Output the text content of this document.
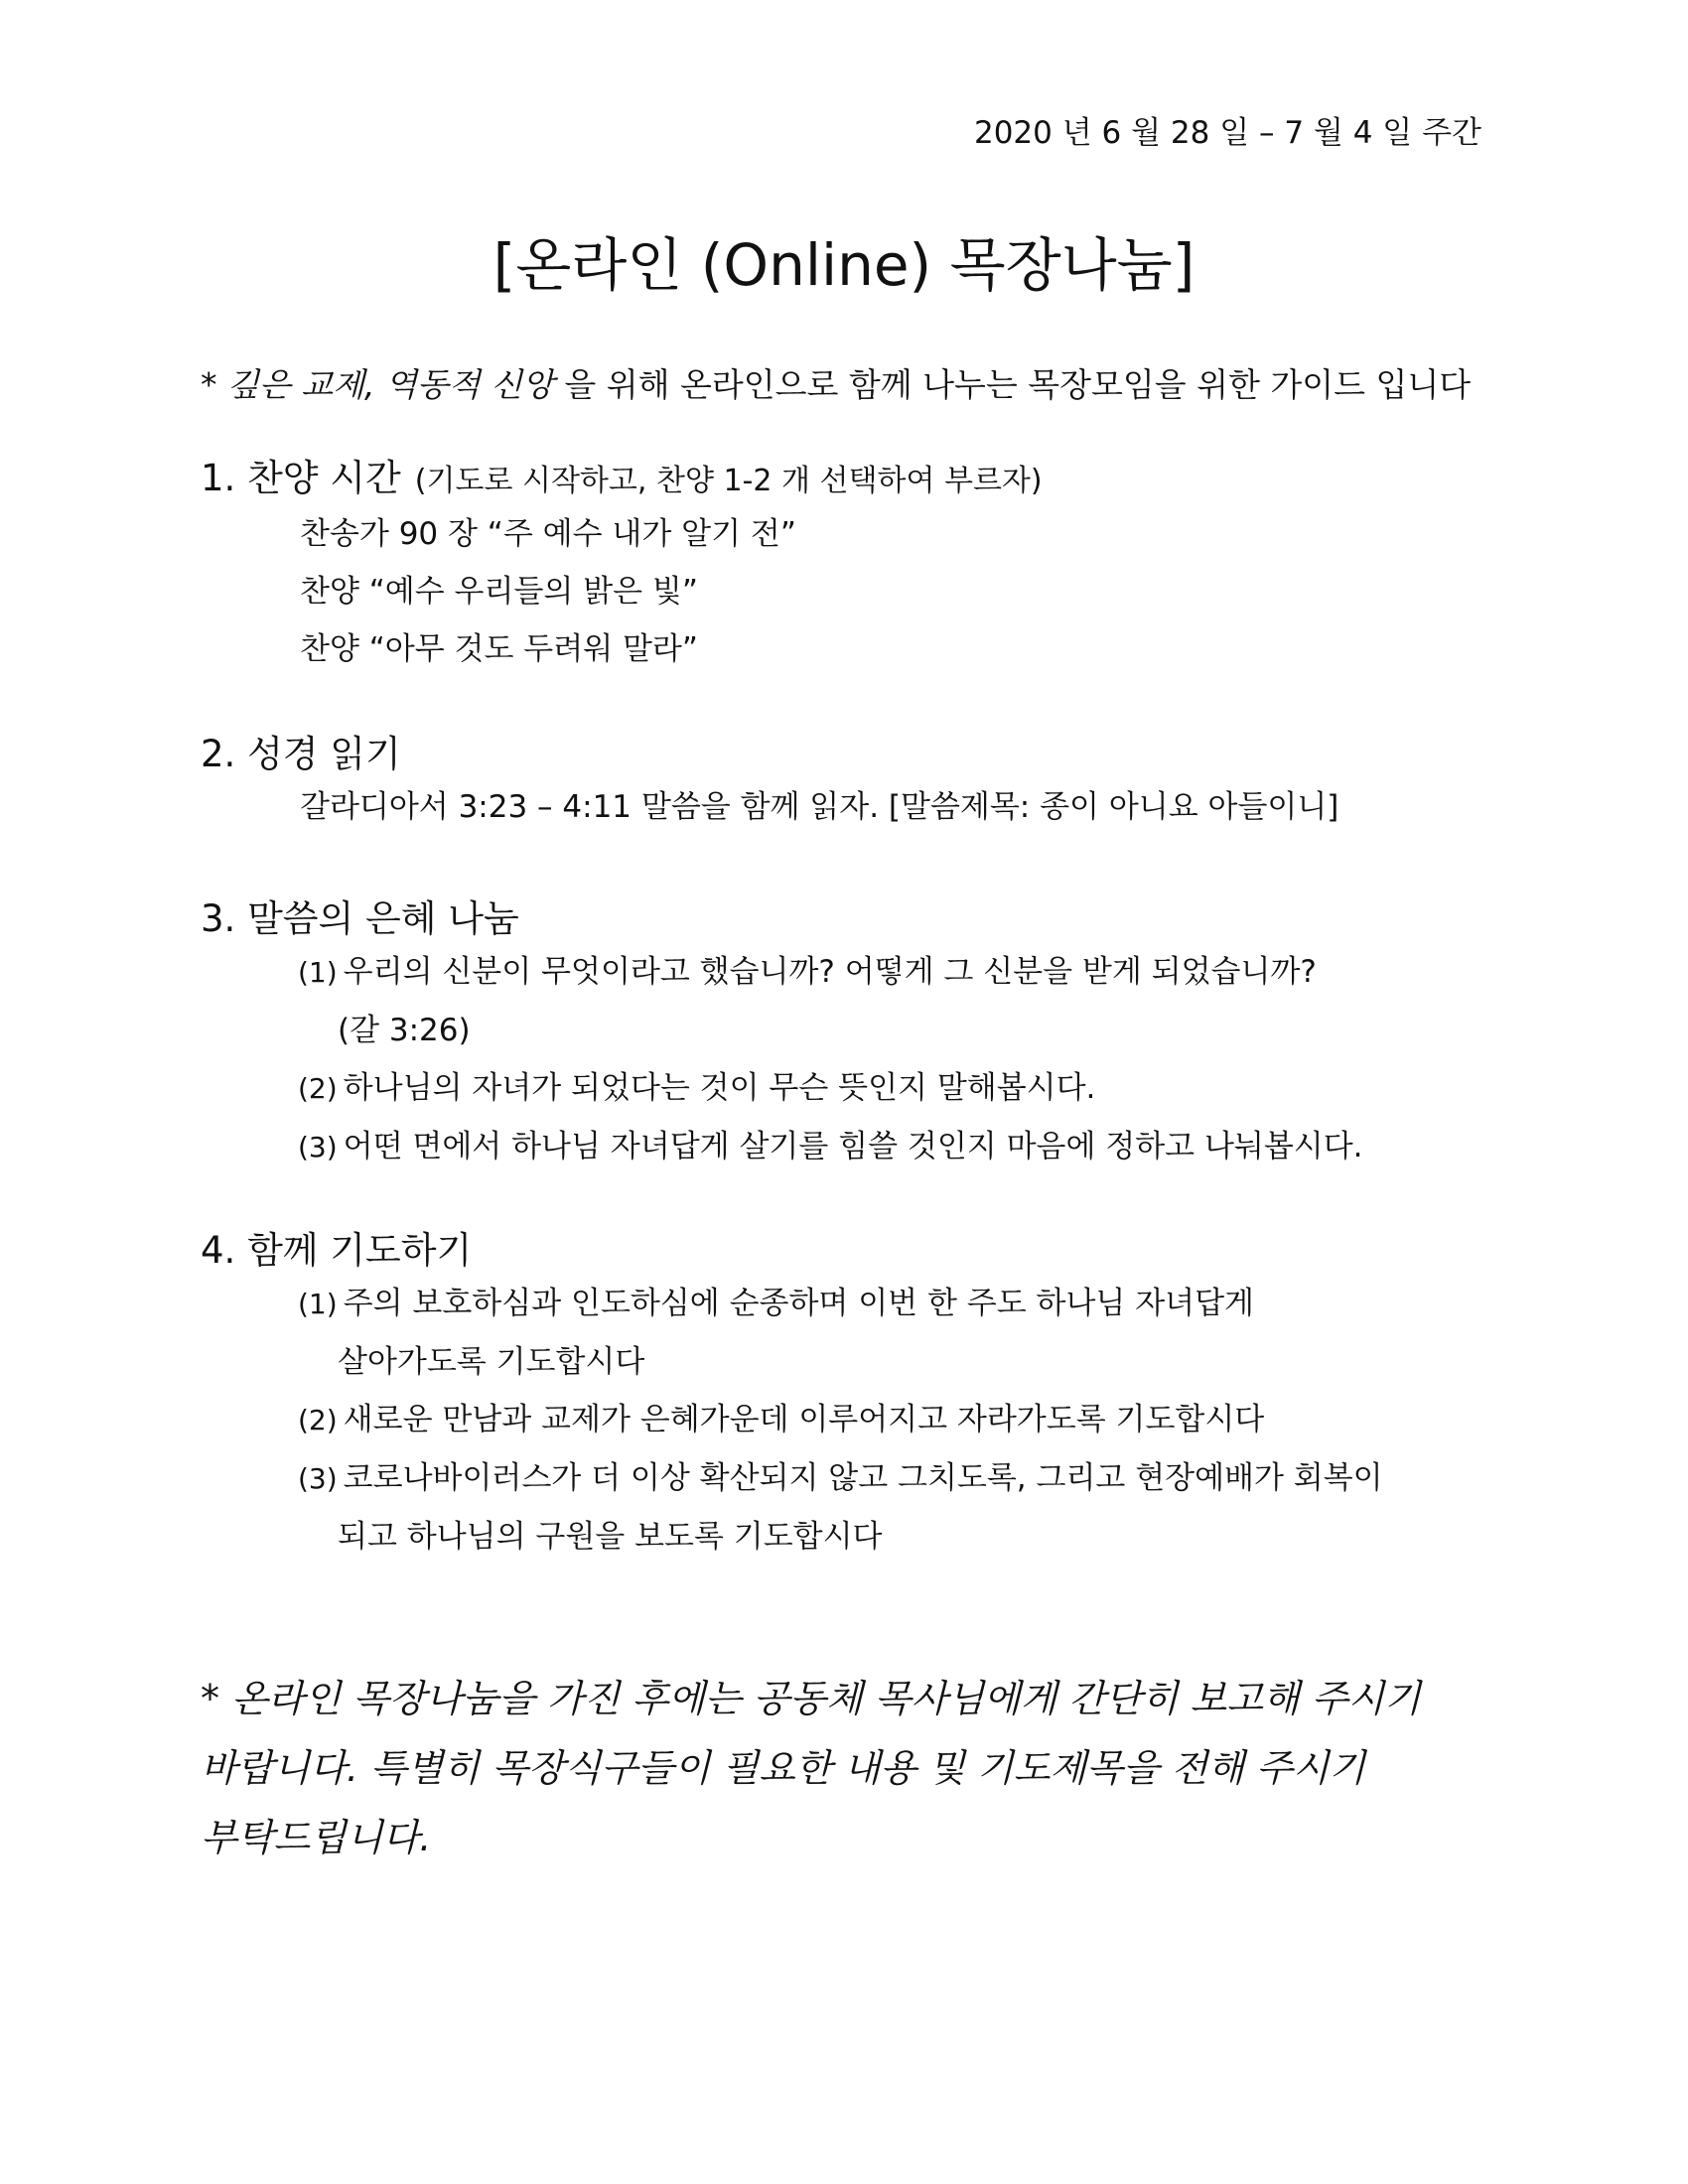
2020 년 6 월 28 일 – 7 월 4 일 주간
[온라인 (Online) 목장나눔]
* 깊은 교제, 역동적 신앙 을 위해 온라인으로 함께 나누는 목장모임을 위한 가이드 입니다
1. 찬양 시간 (기도로 시작하고, 찬양 1-2 개 선택하여 부르자)
찬송가 90 장 “주 예수 내가 알기 전”
찬양 “예수 우리들의 밝은 빛”
찬양 “아무 것도 두려워 말라”
2. 성경 읽기
갈라디아서 3:23 – 4:11 말씀을 함께 읽자. [말씀제목: 종이 아니요 아들이니]
3. 말씀의 은혜 나눔
(1) 우리의 신분이 무엇이라고 했습니까? 어떻게 그 신분을 받게 되었습니까?
(갈 3:26)
(2) 하나님의 자녀가 되었다는 것이 무슨 뜻인지 말해봅시다.
(3) 어떤 면에서 하나님 자녀답게 살기를 힘쓸 것인지 마음에 정하고 나눠봅시다.
4. 함께 기도하기
(1) 주의 보호하심과 인도하심에 순종하며 이번 한 주도 하나님 자녀답게
살아가도록 기도합시다
(2) 새로운 만남과 교제가 은혜가운데 이루어지고 자라가도록 기도합시다
(3) 코로나바이러스가 더 이상 확산되지 않고 그치도록, 그리고 현장예배가 회복이
되고 하나님의 구원을 보도록 기도합시다
* 온라인 목장나눔을 가진 후에는 공동체 목사님에게 간단히 보고해 주시기
바랍니다. 특별히 목장식구들이 필요한 내용 및 기도제목을 전해 주시기
부탁드립니다.
